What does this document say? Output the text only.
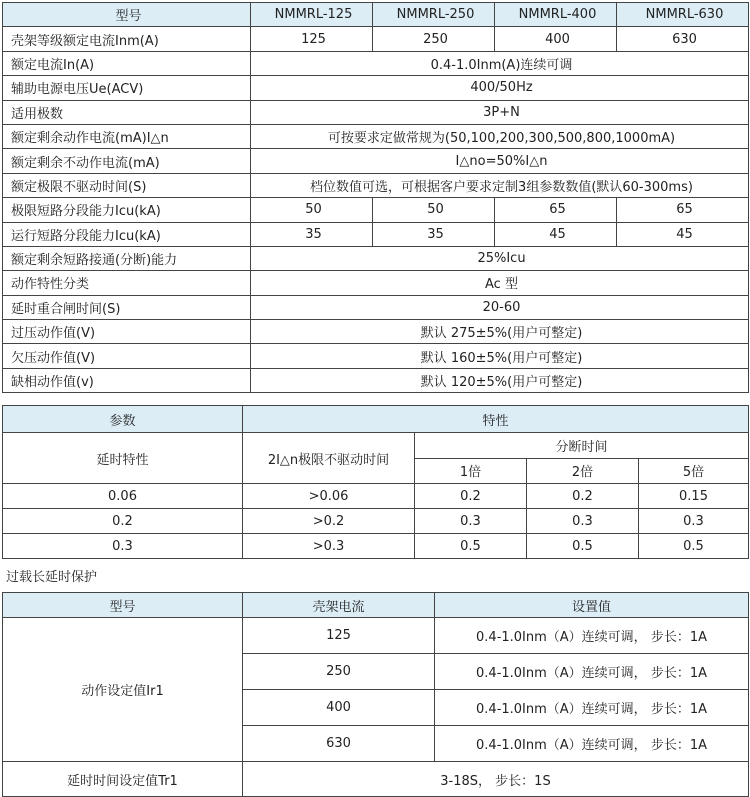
型号	NMMRL-125	NMMRL-250	NMMRL-400	NMMRL-630
壳架等级额定电流Inm(A)	125	250	400	630
额定电流In(A)	0.4-1.0Inm(A)连续可调			
辅助电源电压Ue(ACV)	400/50Hz			
适用极数	3P+N			
额定剩余动作电流(mA)I△n	可按要求定做常规为(50,100,200,300,500,800,1000mA)			
额定剩余不动作电流(mA)	I△no=50%I△n			
额定极限不驱动时间(S)	档位数值可选，可根据客户要求定制3组参数数值(默认60-300ms)			
极限短路分段能力Icu(kA)	50	50	65	65
运行短路分段能力Icu(kA)	35	35	45	45
额定剩余短路接通(分断)能力	25%Icu			
动作特性分类	Ac 型			
延时重合闸时间(S)	20-60			
过压动作值(V)	默认 275±5%(用户可整定)			
欠压动作值(V)	默认 160±5%(用户可整定)			
缺相动作值(v)	默认 120±5%(用户可整定)			
参数	特性			
延时特性	2I△n极限不驱动时间	分断时间		
		1倍	2倍	5倍
0.06	>0.06	0.2	0.2	0.15
0.2	>0.2	0.3	0.3	0.3
0.3	>0.3	0.5	0.5	0.5
过载长延时保护
型号	壳架电流	设置值
动作设定值Ir1	125	0.4-1.0Inm（A）连续可调， 步长：1A
	250	0.4-1.0Inm（A）连续可调， 步长：1A
	400	0.4-1.0Inm（A）连续可调， 步长：1A
	630	0.4-1.0Inm（A）连续可调， 步长：1A
延时时间设定值Tr1	3-18S， 步长：1S	
